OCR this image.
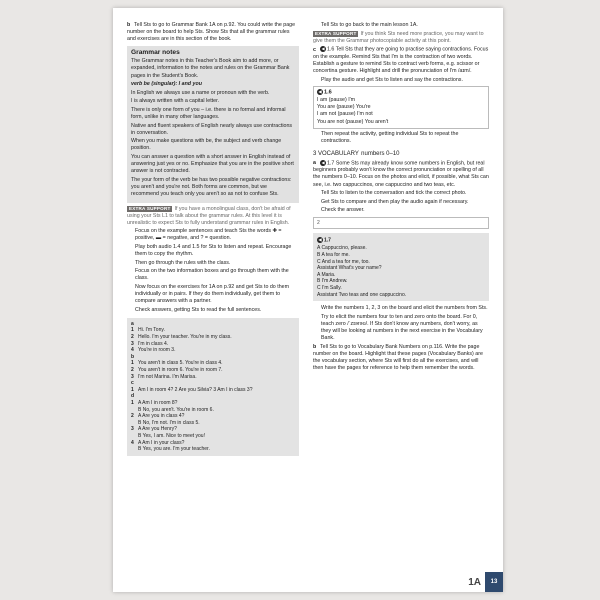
b Tell Sts to go to Grammar Bank 1A on p.92. You could write the page number on the board to help Sts. Show Sts that all the grammar rules and exercises are in this section of the book.

Grammar notes

The Grammar notes in this Teacher's Book aim to add more, or expanded, information to the notes and rules on the Grammar Bank pages in the Student's Book.

verb be (singular): I and you

In English we always use a name or pronoun with the verb.

I is always written with a capital letter.

There is only one form of you – i.e. there is no formal and informal form, unlike in many other languages.

Native and fluent speakers of English nearly always use contractions in conversation.

When you make questions with be, the subject and verb change position.

You can answer a question with a short answer in English instead of answering just yes or no. Emphasize that you are in the positive short answer is not contracted.

The your form of the verb be has two possible negative contractions: you aren't and you're not. Both forms are common, but we recommend you teach only you aren't so as not to confuse Sts.

EXTRA SUPPORT If you have a monolingual class, don't be afraid of using your Sts L1 to talk about the grammar rules. At this level it is unrealistic to expect Sts to fully understand grammar rules in English.

Focus on the example sentences and teach Sts the words ✚ = positive, ▬ = negative, and ? = question.

Play both audio 1.4 and 1.5 for Sts to listen and repeat. Encourage them to copy the rhythm.

Then go through the rules with the class.

Focus on the two information boxes and go through them with the class.

Now focus on the exercises for 1A on p.92 and get Sts to do them individually or in pairs. If they do them individually, get them to compare answers with a partner.

Check answers, getting Sts to read the full sentences.

a
1 Hi. I'm Tony.
2 Hello. I'm your teacher. You're in my class.
3 I'm in class 4.
4 You're in room 3.
b
1 You aren't in class 5. You're in class 4.
2 You aren't in room 6. You're in room 7.
3 I'm not Marina. I'm Marisa.
c
1 Am I in room 4? 2 Are you Silvia? 3 Am I in class 3?
d
1 A Am I in room 8?
B No, you aren't. You're in room 6.
2 A Are you in class 4?
B No, I'm not. I'm in class 5.
3 A Are you Henry?
B Yes, I am. Nice to meet you!
4 A Am I in your class?
B Yes, you are. I'm your teacher.

Tell Sts to go back to the main lesson 1A.

EXTRA SUPPORT If you think Sts need more practice, you may want to give them the Grammar photocopiable activity at this point.

c ◀ 1.6 Tell Sts that they are going to practise saying contractions. Focus on the example. Remind Sts that I'm is the contraction of two words. Establish a gesture to remind Sts to contract verb forms, e.g. scissor or concertina gesture. Highlight and drill the pronunciation of I'm /aɪm/.

Play the audio and get Sts to listen and say the contractions.

◀ 1.6
I am (pause) I'm
You are (pause) You're
I am not (pause) I'm not
You are not (pause) You aren't

Then repeat the activity, getting individual Sts to repeat the contractions.

3 VOCABULARY numbers 0–10

a ◀ 1.7 Some Sts may already know some numbers in English, but real beginners probably won't know the correct pronunciation or spelling of all the numbers 0–10. Focus on the photos and elicit, if possible, what Sts can see, i.e. two cappuccinos, one cappuccino and two teas, etc.

Tell Sts to listen to the conversation and tick the correct photo.

Get Sts to compare and then play the audio again if necessary.

Check the answer.

2
◀ 1.7
A Cappuccino, please.
B A tea for me.
C And a tea for me, too.
Assistant What's your name?
A Maria.
B I'm Andrew.
C I'm Sally.
Assistant Two teas and one cappuccino.

Write the numbers 1, 2, 3 on the board and elicit the numbers from Sts.

Try to elicit the numbers four to ten and zero onto the board. For 0, teach zero /ˈzɪərəʊ/. If Sts don't know any numbers, don't worry, as they will be looking at numbers in the next exercise in the Vocabulary Bank.

b Tell Sts to go to Vocabulary Bank Numbers on p.116. Write the page number on the board. Highlight that these pages (Vocabulary Banks) are the vocabulary section, where Sts will first do all the exercises, and will then have the pages for reference to help them remember the words.

1A	13
